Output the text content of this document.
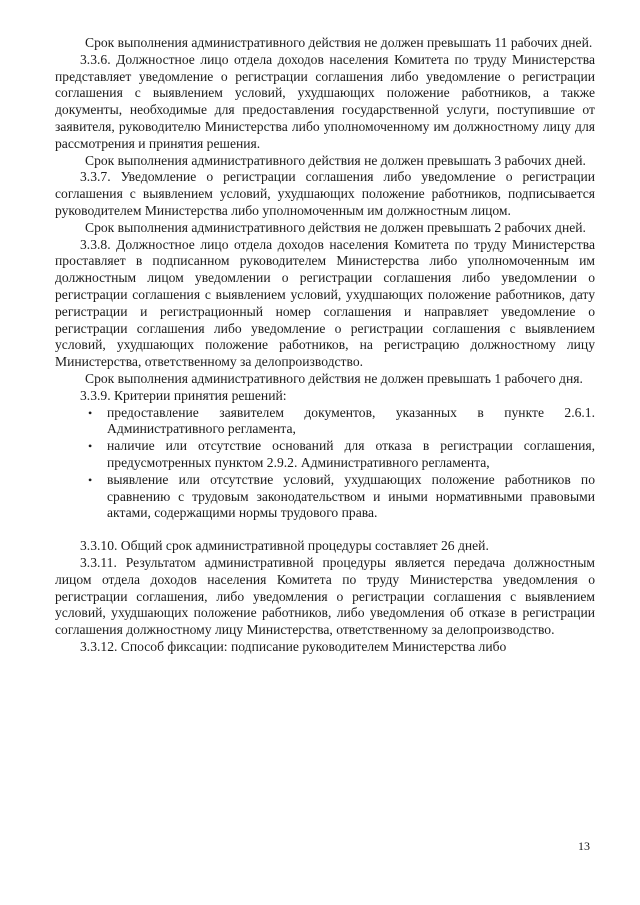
Срок выполнения административного действия не должен превышать 11 рабочих дней.

3.3.6. Должностное лицо отдела доходов населения Комитета по труду Министерства представляет уведомление о регистрации соглашения либо уведомление о регистрации соглашения с выявлением условий, ухудшающих положение работников, а также документы, необходимые для предоставления государственной услуги, поступившие от заявителя, руководителю Министерства либо уполномоченному им должностному лицу для рассмотрения и принятия решения.

Срок выполнения административного действия не должен превышать 3 рабочих дней.

3.3.7. Уведомление о регистрации соглашения либо уведомление о регистрации соглашения с выявлением условий, ухудшающих положение работников, подписывается руководителем Министерства либо уполномоченным им должностным лицом.

Срок выполнения административного действия не должен превышать 2 рабочих дней.

3.3.8. Должностное лицо отдела доходов населения Комитета по труду Министерства проставляет в подписанном руководителем Министерства либо уполномоченным им должностным лицом уведомлении о регистрации соглашения либо уведомлении о регистрации соглашения с выявлением условий, ухудшающих положение работников, дату регистрации и регистрационный номер соглашения и направляет уведомление о регистрации соглашения либо уведомление о регистрации соглашения с выявлением условий, ухудшающих положение работников, на регистрацию должностному лицу Министерства, ответственному за делопроизводство.

Срок выполнения административного действия не должен превышать 1 рабочего дня.

3.3.9. Критерии принятия решений:

• предоставление заявителем документов, указанных в пункте 2.6.1. Административного регламента,
• наличие или отсутствие оснований для отказа в регистрации соглашения, предусмотренных пунктом 2.9.2. Административного регламента,
• выявление или отсутствие условий, ухудшающих положение работников по сравнению с трудовым законодательством и иными нормативными правовыми актами, содержащими нормы трудового права.

3.3.10. Общий срок административной процедуры составляет 26 дней.

3.3.11. Результатом административной процедуры является передача должностным лицом отдела доходов населения Комитета по труду Министерства уведомления о регистрации соглашения, либо уведомления о регистрации соглашения с выявлением условий, ухудшающих положение работников, либо уведомления об отказе в регистрации соглашения должностному лицу Министерства, ответственному за делопроизводство.

3.3.12. Способ фиксации: подписание руководителем Министерства либо

13
